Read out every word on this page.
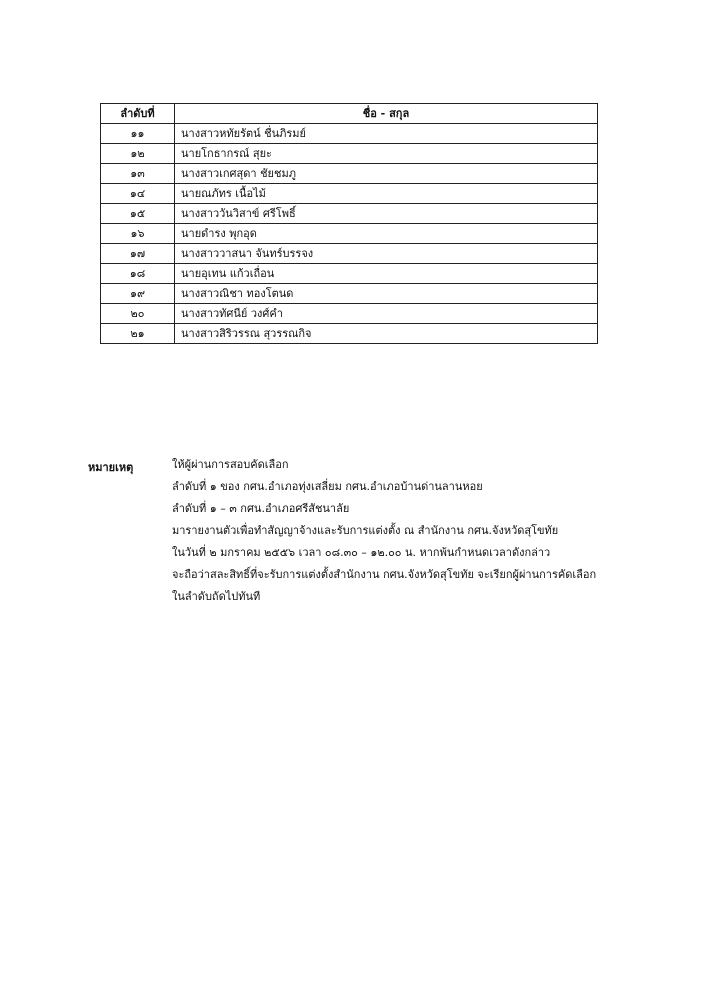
ลำดับที่	ชื่อ - สกุล
๑๑	นางสาวหทัยรัตน์ ชื่นภิรมย์
๑๒	นายโกธากรณ์ สุยะ
๑๓	นางสาวเกศสุดา ชัยชมภู
๑๔	นายณภัทร เนื้อไม้
๑๕	นางสาววันวิสาข์ ศรีโพธิ์
๑๖	นายดำรง พุกอุด
๑๗	นางสาววาสนา จันทร์บรรจง
๑๘	นายอุเทน แก้วเถื่อน
๑๙	นางสาวณิชา ทองโตนด
๒๐	นางสาวทัศนีย์ วงศ์คำ
๒๑	นางสาวสิริวรรณ สุวรรณกิจ
หมายเหตุ	ให้ผู้ผ่านการสอบคัดเลือก
ลำดับที่ ๑ ของ กศน.อำเภอทุ่งเสลี่ยม กศน.อำเภอบ้านด่านลานหอย
ลำดับที่ ๑ – ๓ กศน.อำเภอศรีสัชนาลัย
มารายงานตัวเพื่อทำสัญญาจ้างและรับการแต่งตั้ง ณ สำนักงาน กศน.จังหวัดสุโขทัย
ในวันที่ ๒ มกราคม ๒๕๕๖ เวลา ๐๘.๓๐ – ๑๒.๐๐ น. หากพ้นกำหนดเวลาดังกล่าว
จะถือว่าสละสิทธิ์ที่จะรับการแต่งตั้งสำนักงาน กศน.จังหวัดสุโขทัย จะเรียกผู้ผ่านการคัดเลือก
ในลำดับถัดไปทันที
